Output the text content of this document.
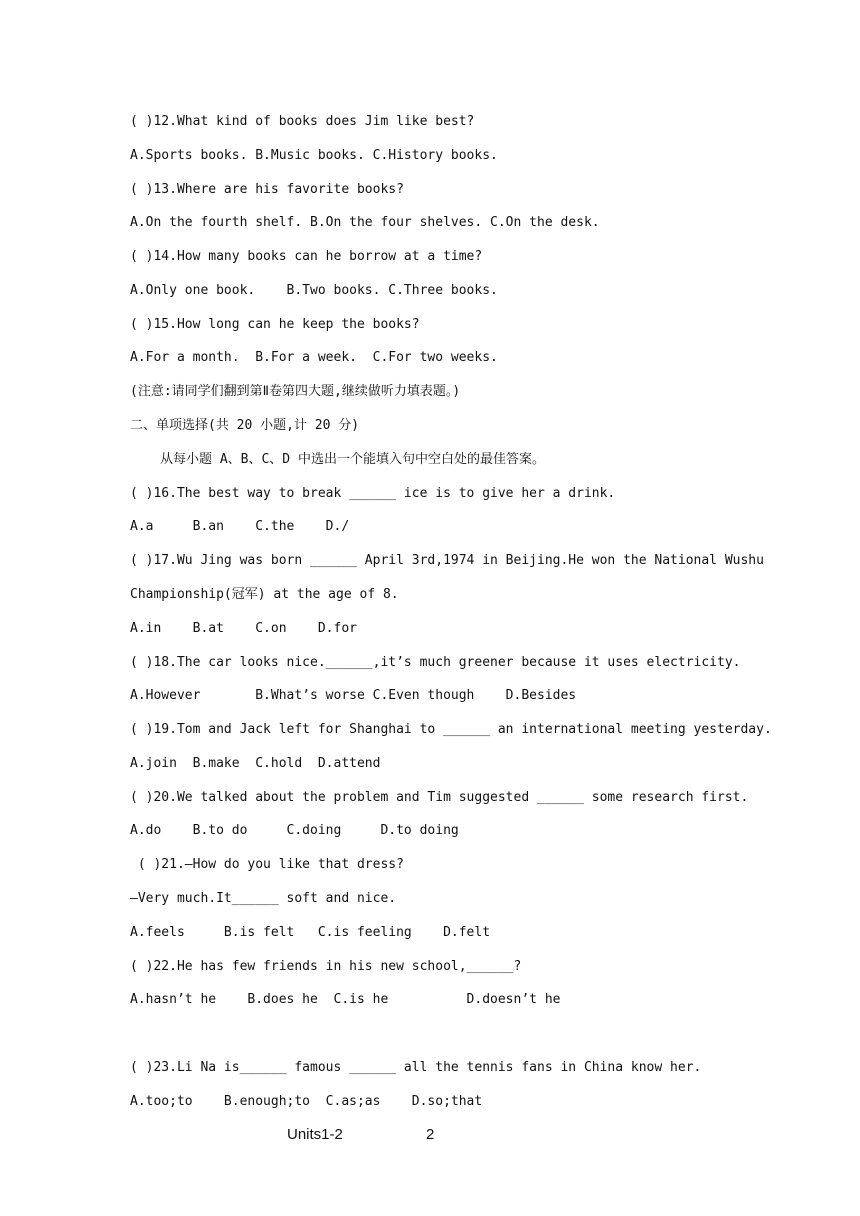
( )12.What kind of books does Jim like best?
A.Sports books. B.Music books. C.History books.
( )13.Where are his favorite books?
A.On the fourth shelf. B.On the four shelves. C.On the desk.
( )14.How many books can he borrow at a time?
A.Only one book.    B.Two books. C.Three books.
( )15.How long can he keep the books?
A.For a month.  B.For a week.  C.For two weeks.
(注意:请同学们翻到第Ⅱ卷第四大题,继续做听力填表题。)
二、单项选择(共 20 小题,计 20 分)
从每小题 A、B、C、D 中选出一个能填入句中空白处的最佳答案。
( )16.The best way to break ______ ice is to give her a drink.
A.a     B.an    C.the    D./
( )17.Wu Jing was born ______ April 3rd,1974 in Beijing.He won the National Wushu
Championship(冠军) at the age of 8.
A.in    B.at    C.on    D.for
( )18.The car looks nice.______,it’s much greener because it uses electricity.
A.However       B.What’s worse C.Even though    D.Besides
( )19.Tom and Jack left for Shanghai to ______ an international meeting yesterday.
A.join  B.make  C.hold  D.attend
( )20.We talked about the problem and Tim suggested ______ some research first.
A.do    B.to do     C.doing     D.to doing
( )21.—How do you like that dress?
—Very much.It______ soft and nice.
A.feels     B.is felt   C.is feeling    D.felt
( )22.He has few friends in his new school,______?
A.hasn’t he    B.does he  C.is he          D.doesn’t he
( )23.Li Na is______ famous ______ all the tennis fans in China know her.
A.too;to    B.enough;to  C.as;as    D.so;that
Units1-2	2
